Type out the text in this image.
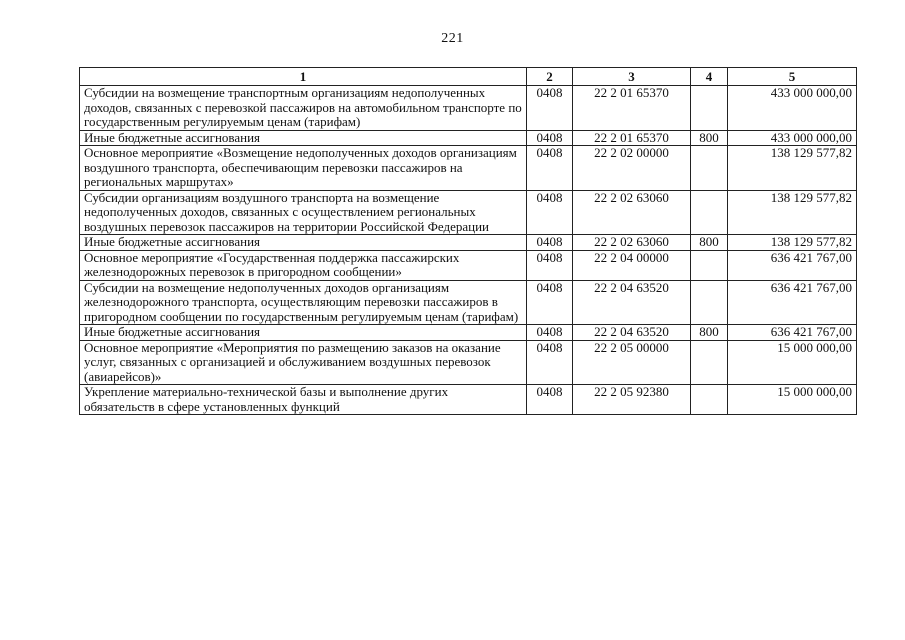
221
1	2	3	4	5
Субсидии на возмещение транспортным организациям недополученных доходов, связанных с перевозкой пассажиров на автомобильном транспорте по государственным регулируемым ценам (тарифам)	0408	22 2 01 65370		433 000 000,00
Иные бюджетные ассигнования	0408	22 2 01 65370	800	433 000 000,00
Основное мероприятие «Возмещение недополученных доходов организациям воздушного транспорта, обеспечивающим перевозки пассажиров на региональных маршрутах»	0408	22 2 02 00000		138 129 577,82
Субсидии организациям воздушного транспорта на возмещение недополученных доходов, связанных с осуществлением региональных воздушных перевозок пассажиров на территории Российской Федерации	0408	22 2 02 63060		138 129 577,82
Иные бюджетные ассигнования	0408	22 2 02 63060	800	138 129 577,82
Основное мероприятие «Государственная поддержка пассажирских железнодорожных перевозок в пригородном сообщении»	0408	22 2 04 00000		636 421 767,00
Субсидии на возмещение недополученных доходов организациям железнодорожного транспорта, осуществляющим перевозки пассажиров в пригородном сообщении по государственным регулируемым ценам (тарифам)	0408	22 2 04 63520		636 421 767,00
Иные бюджетные ассигнования	0408	22 2 04 63520	800	636 421 767,00
Основное мероприятие «Мероприятия по размещению заказов на оказание услуг, связанных с организацией и обслуживанием воздушных перевозок (авиарейсов)»	0408	22 2 05 00000		15 000 000,00
Укрепление материально-технической базы и выполнение других обязательств в сфере установленных функций	0408	22 2 05 92380		15 000 000,00
